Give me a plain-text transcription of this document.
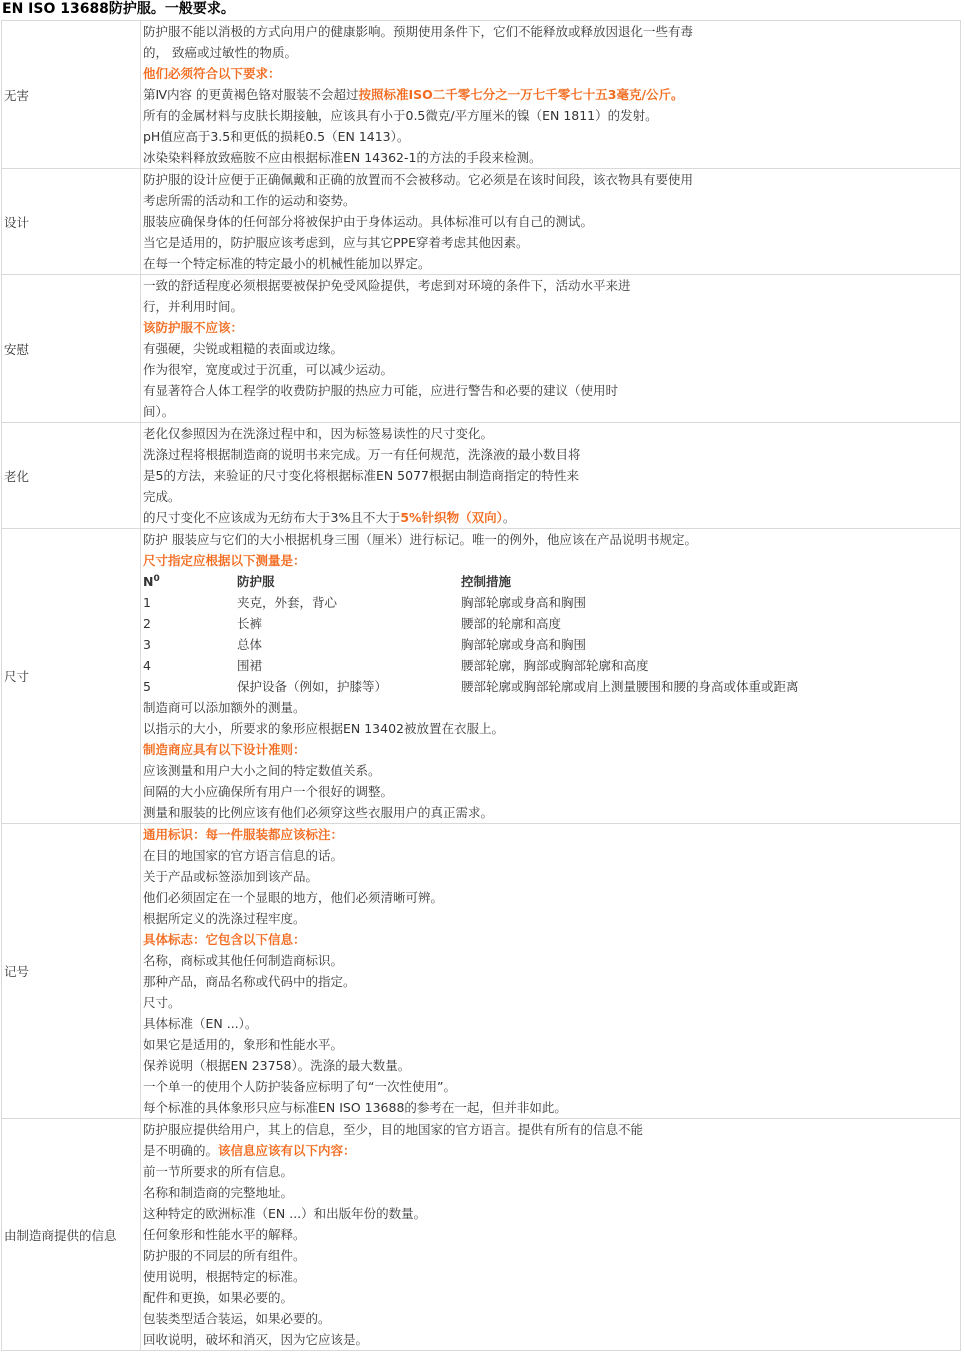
EN ISO 13688防护服。一般要求。
无害	
防护服不能以消极的方式向用户的健康影响。预期使用条件下，它们不能释放或释放因退化一些有毒
的， 致癌或过敏性的物质。
他们必须符合以下要求：
第Ⅳ内容 的更黄褐色铬对服装不会超过按照标准ISO二千零七分之一万七千零七十五3毫克/公斤。
所有的金属材料与皮肤长期接触，应该具有小于0.5微克/平方厘米的镍（EN 1811）的发射。
pH值应高于3.5和更低的损耗0.5（EN 1413）。
冰染染料释放致癌胺不应由根据标准EN 14362-1的方法的手段来检测。

设计	
防护服的设计应便于正确佩戴和正确的放置而不会被移动。它必须是在该时间段，该衣物具有要使用
考虑所需的活动和工作的运动和姿势。
服装应确保身体的任何部分将被保护由于身体运动。具体标准可以有自己的测试。
当它是适用的，防护服应该考虑到，应与其它PPE穿着考虑其他因素。
在每一个特定标准的特定最小的机械性能加以界定。

安慰	
一致的舒适程度必须根据要被保护免受风险提供，考虑到对环境的条件下，活动水平来进
行，并利用时间。
该防护服不应该：
有强硬，尖锐或粗糙的表面或边缘。
作为很窄，宽度或过于沉重，可以减少运动。
有显著符合人体工程学的收费防护服的热应力可能，应进行警告和必要的建议（使用时
间）。

老化	
老化仅参照因为在洗涤过程中和，因为标签易读性的尺寸变化。
洗涤过程将根据制造商的说明书来完成。万一有任何规范，洗涤液的最小数目将
是5的方法，来验证的尺寸变化将根据标准EN 5077根据由制造商指定的特性来
完成。
的尺寸变化不应该成为无纺布大于3%且不大于5%针织物（双向）。

尺寸	
防护 服装应与它们的大小根据机身三围（厘米）进行标记。唯一的例外，他应该在产品说明书规定。
尺寸指定应根据以下测量是：
$N^0$	防护服	控制措施
1	夹克，外套，背心	胸部轮廓或身高和胸围
2	长裤	腰部的轮廓和高度
3	总体	胸部轮廓或身高和胸围
4	围裙	腰部轮廓，胸部或胸部轮廓和高度
5	保护设备（例如，护膝等）	腰部轮廓或胸部轮廓或肩上测量腰围和腰的身高或体重或距离
制造商可以添加额外的测量。
以指示的大小，所要求的象形应根据EN 13402被放置在衣服上。
制造商应具有以下设计准则：
应该测量和用户大小之间的特定数值关系。
间隔的大小应确保所有用户一个很好的调整。
测量和服装的比例应该有他们必须穿这些衣服用户的真正需求。

记号	
通用标识：每一件服装都应该标注：
在目的地国家的官方语言信息的话。
关于产品或标签添加到该产品。
他们必须固定在一个显眼的地方，他们必须清晰可辨。
根据所定义的洗涤过程牢度。
具体标志：它包含以下信息：
名称，商标或其他任何制造商标识。
那种产品，商品名称或代码中的指定。
尺寸。
具体标准（EN ...）。
如果它是适用的，象形和性能水平。
保养说明（根据EN 23758）。洗涤的最大数量。
一个单一的使用个人防护装备应标明了句“一次性使用”。
每个标准的具体象形只应与标准EN ISO 13688的参考在一起，但并非如此。

由制造商提供的信息	
防护服应提供给用户，其上的信息，至少，目的地国家的官方语言。提供有所有的信息不能
是不明确的。该信息应该有以下内容：
前一节所要求的所有信息。
名称和制造商的完整地址。
这种特定的欧洲标准（EN ...）和出版年份的数量。
任何象形和性能水平的解释。
防护服的不同层的所有组件。
使用说明，根据特定的标准。
配件和更换，如果必要的。
包装类型适合装运，如果必要的。
回收说明，破坏和消灭，因为它应该是。
